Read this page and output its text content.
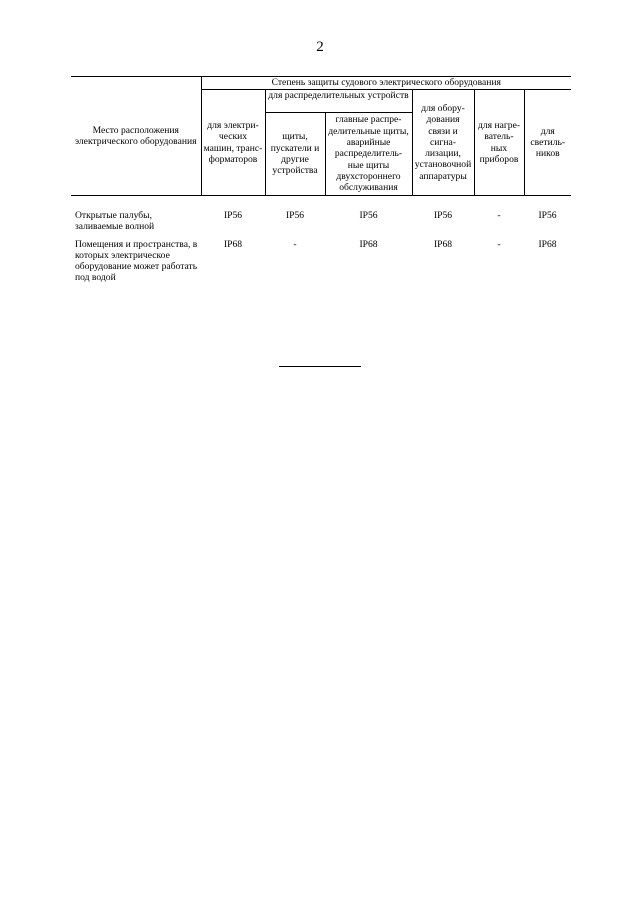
2
Место расположения электрического оборудования	Степень защиты судового электрического оборудования					
	для электри-ческих машин, транс-форматоров	для распределительных устройств		для обору-дования связи и сигна-лизации, установочной аппаратуры	для нагре-ватель-ных приборов	для светиль-ников
		щиты, пускатели и другие устройства	главные распре-делительные щиты, аварийные распределитель-ные щиты двухстороннего обслуживания			
Открытые палубы, заливаемые волной	IP56	IP56	IP56	IP56	-	IP56
Помещения и пространства, в которых электрическое оборудование может работать под водой	IP68	-	IP68	IP68	-	IP68
